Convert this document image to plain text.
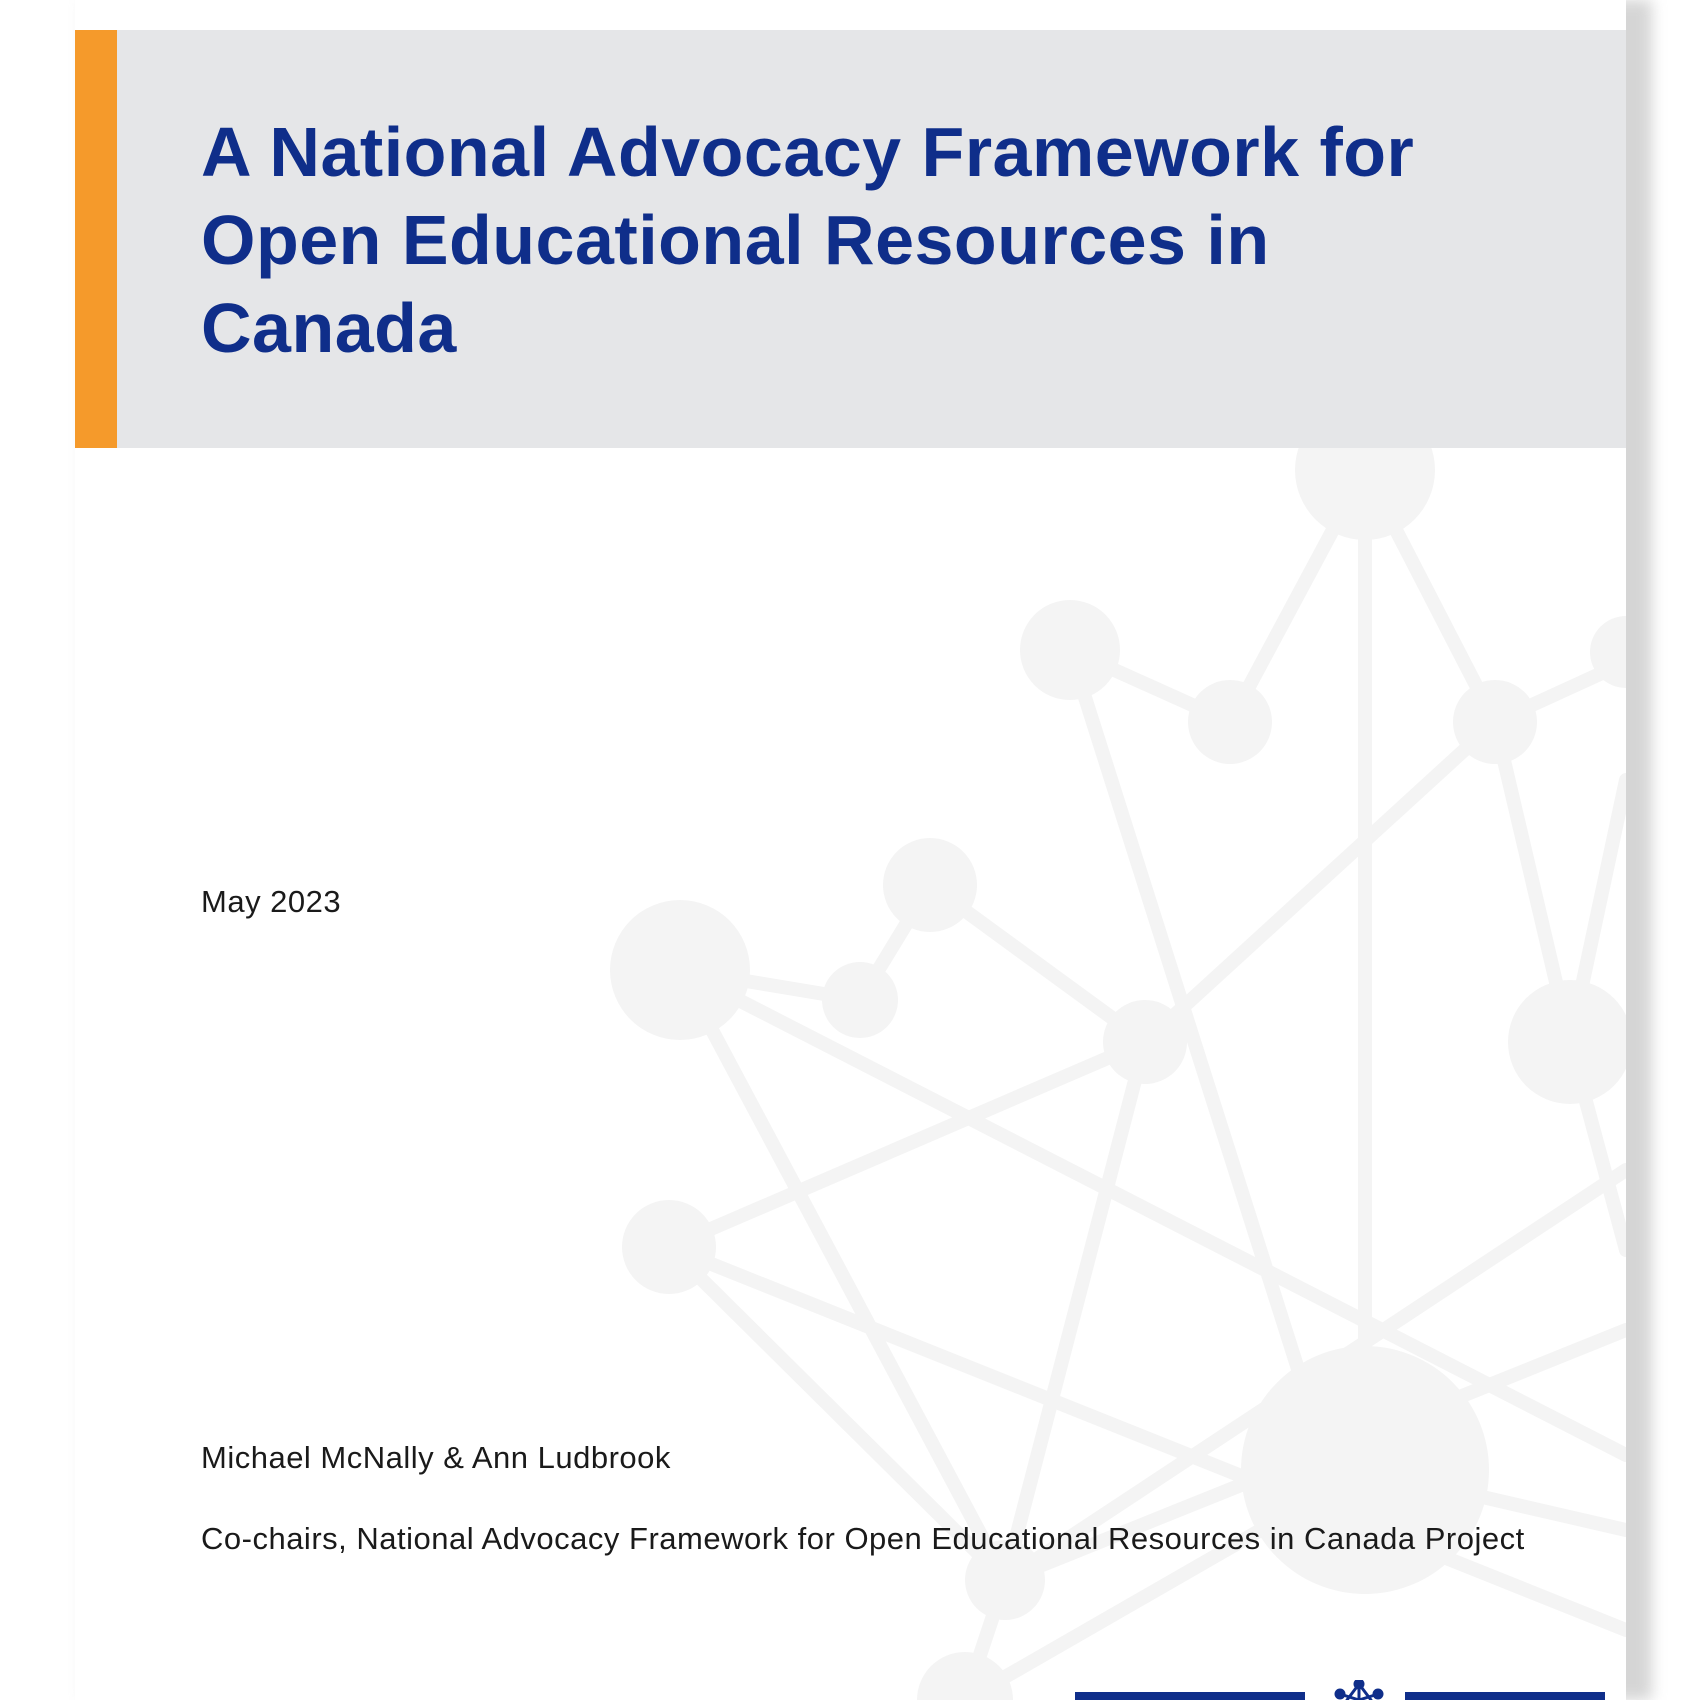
A National Advocacy Framework for Open Educational Resources in Canada

May 2023

Michael McNally & Ann Ludbrook

Co-chairs, National Advocacy Framework for Open Educational Resources in Canada Project
